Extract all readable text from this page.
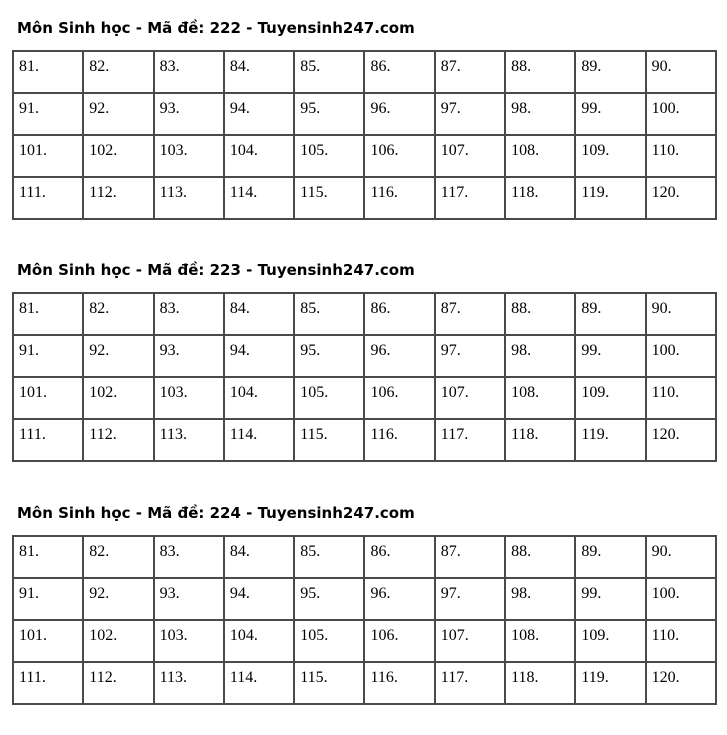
Môn Sinh học - Mã đề: 222 - Tuyensinh247.com
81.	82.	83.	84.	85.	86.	87.	88.	89.	90.

91.	92.	93.	94.	95.	96.	97.	98.	99.	100.

101.	102.	103.	104.	105.	106.	107.	108.	109.	110.

111.	112.	113.	114.	115.	116.	117.	118.	119.	120.
Môn Sinh học - Mã đề: 223 - Tuyensinh247.com
81.	82.	83.	84.	85.	86.	87.	88.	89.	90.

91.	92.	93.	94.	95.	96.	97.	98.	99.	100.

101.	102.	103.	104.	105.	106.	107.	108.	109.	110.

111.	112.	113.	114.	115.	116.	117.	118.	119.	120.
Môn Sinh học - Mã đề: 224 - Tuyensinh247.com
81.	82.	83.	84.	85.	86.	87.	88.	89.	90.

91.	92.	93.	94.	95.	96.	97.	98.	99.	100.

101.	102.	103.	104.	105.	106.	107.	108.	109.	110.

111.	112.	113.	114.	115.	116.	117.	118.	119.	120.
